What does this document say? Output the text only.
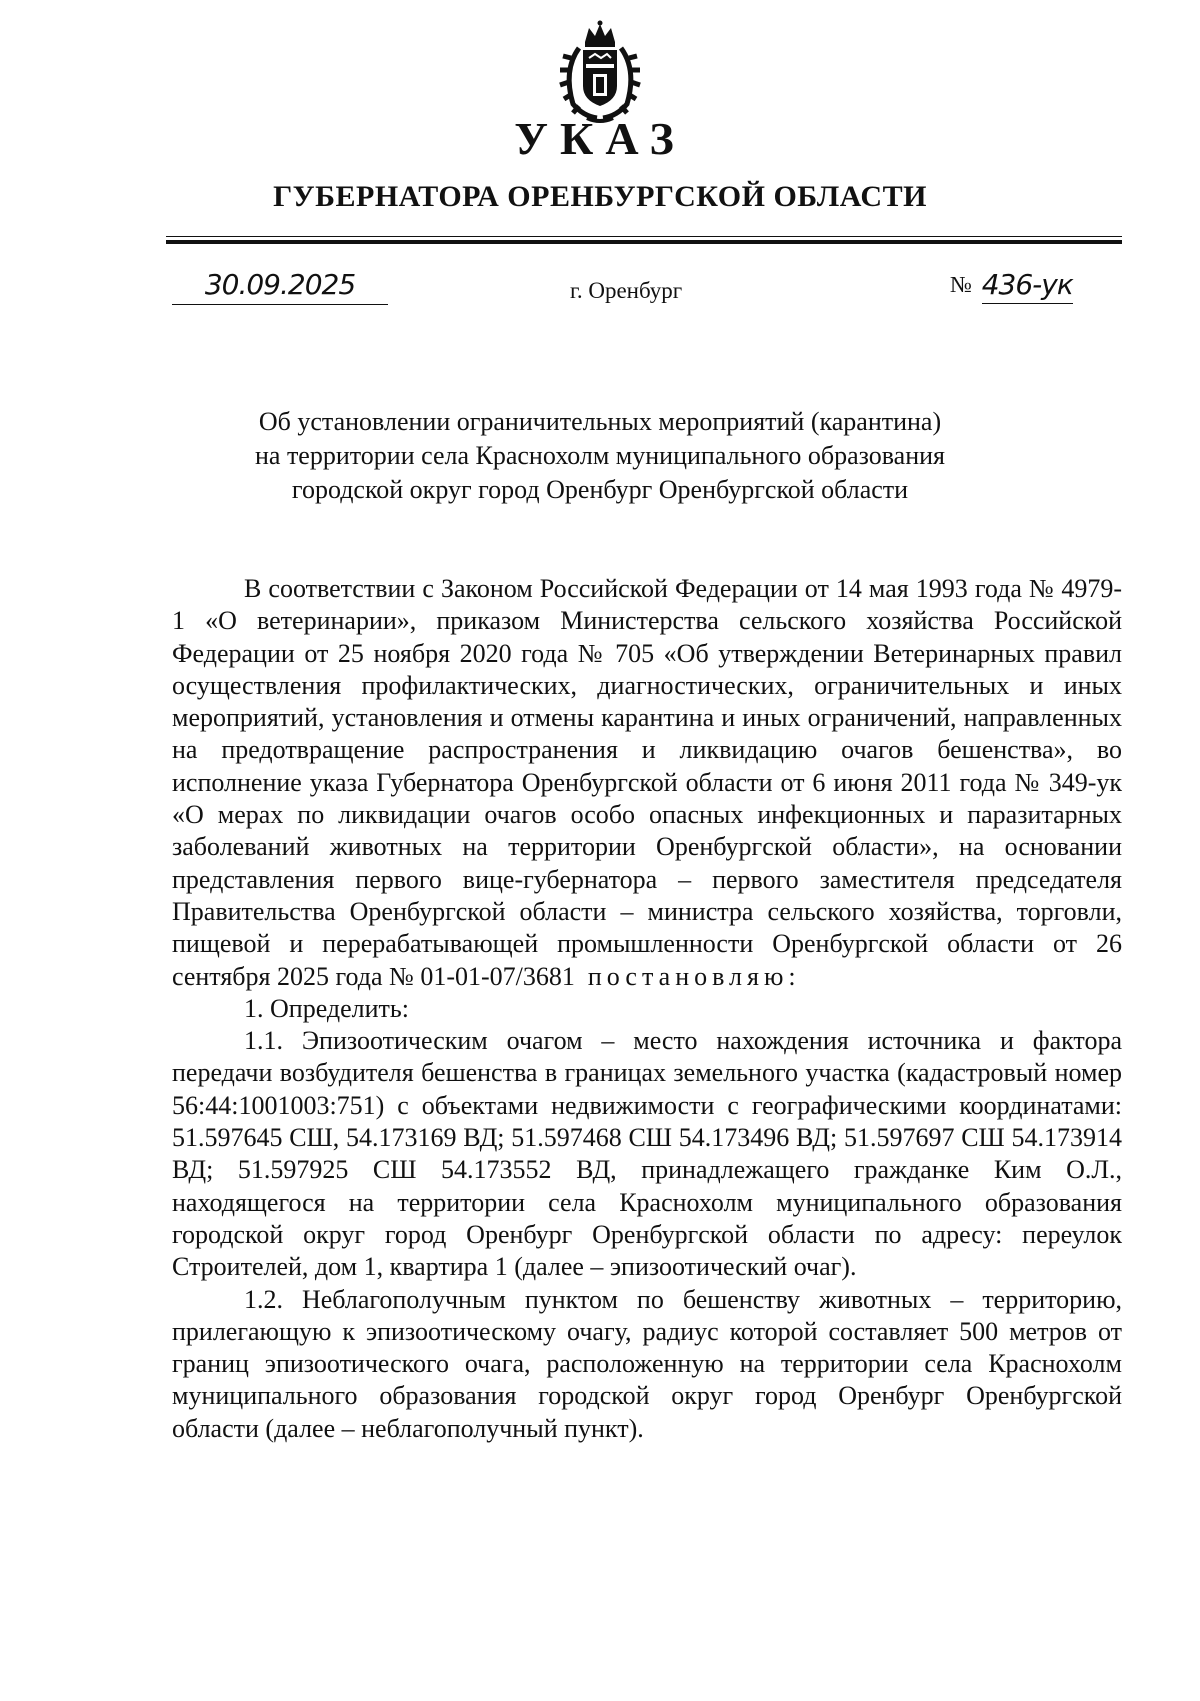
УКАЗ
ГУБЕРНАТОРА ОРЕНБУРГСКОЙ ОБЛАСТИ
30.09.2025	г. Оренбург	№ 436-ук
Об установлении ограничительных мероприятий (карантина)
на территории села Краснохолм муниципального образования
городской округ город Оренбург Оренбургской области

В соответствии с Законом Российской Федерации от 14 мая 1993 года № 4979-1 «О ветеринарии», приказом Министерства сельского хозяйства Российской Федерации от 25 ноября 2020 года № 705 «Об утверждении Ветеринарных правил осуществления профилактических, диагностических, ограничительных и иных мероприятий, установления и отмены карантина и иных ограничений, направленных на предотвращение распространения и ликвидацию очагов бешенства», во исполнение указа Губернатора Оренбургской области от 6 июня 2011 года № 349-ук «О мерах по ликвидации очагов особо опасных инфекционных и паразитарных заболеваний животных на территории Оренбургской области», на основании представления первого вице-губернатора – первого заместителя председателя Правительства Оренбургской области – министра сельского хозяйства, торговли, пищевой и перерабатывающей промышленности Оренбургской области от 26 сентября 2025 года № 01-01-07/3681 постановляю:

1. Определить:

1.1. Эпизоотическим очагом – место нахождения источника и фактора передачи возбудителя бешенства в границах земельного участка (кадастровый номер 56:44:1001003:751) с объектами недвижимости с географическими координатами: 51.597645 СШ, 54.173169 ВД; 51.597468 СШ 54.173496 ВД; 51.597697 СШ 54.173914 ВД; 51.597925 СШ 54.173552 ВД, принадлежащего гражданке Ким О.Л., находящегося на территории села Краснохолм муниципального образования городской округ город Оренбург Оренбургской области по адресу: переулок Строителей, дом 1, квартира 1 (далее – эпизоотический очаг).

1.2. Неблагополучным пунктом по бешенству животных – территорию, прилегающую к эпизоотическому очагу, радиус которой составляет 500 метров от границ эпизоотического очага, расположенную на территории села Краснохолм муниципального образования городской округ город Оренбург Оренбургской области (далее – неблагополучный пункт).
